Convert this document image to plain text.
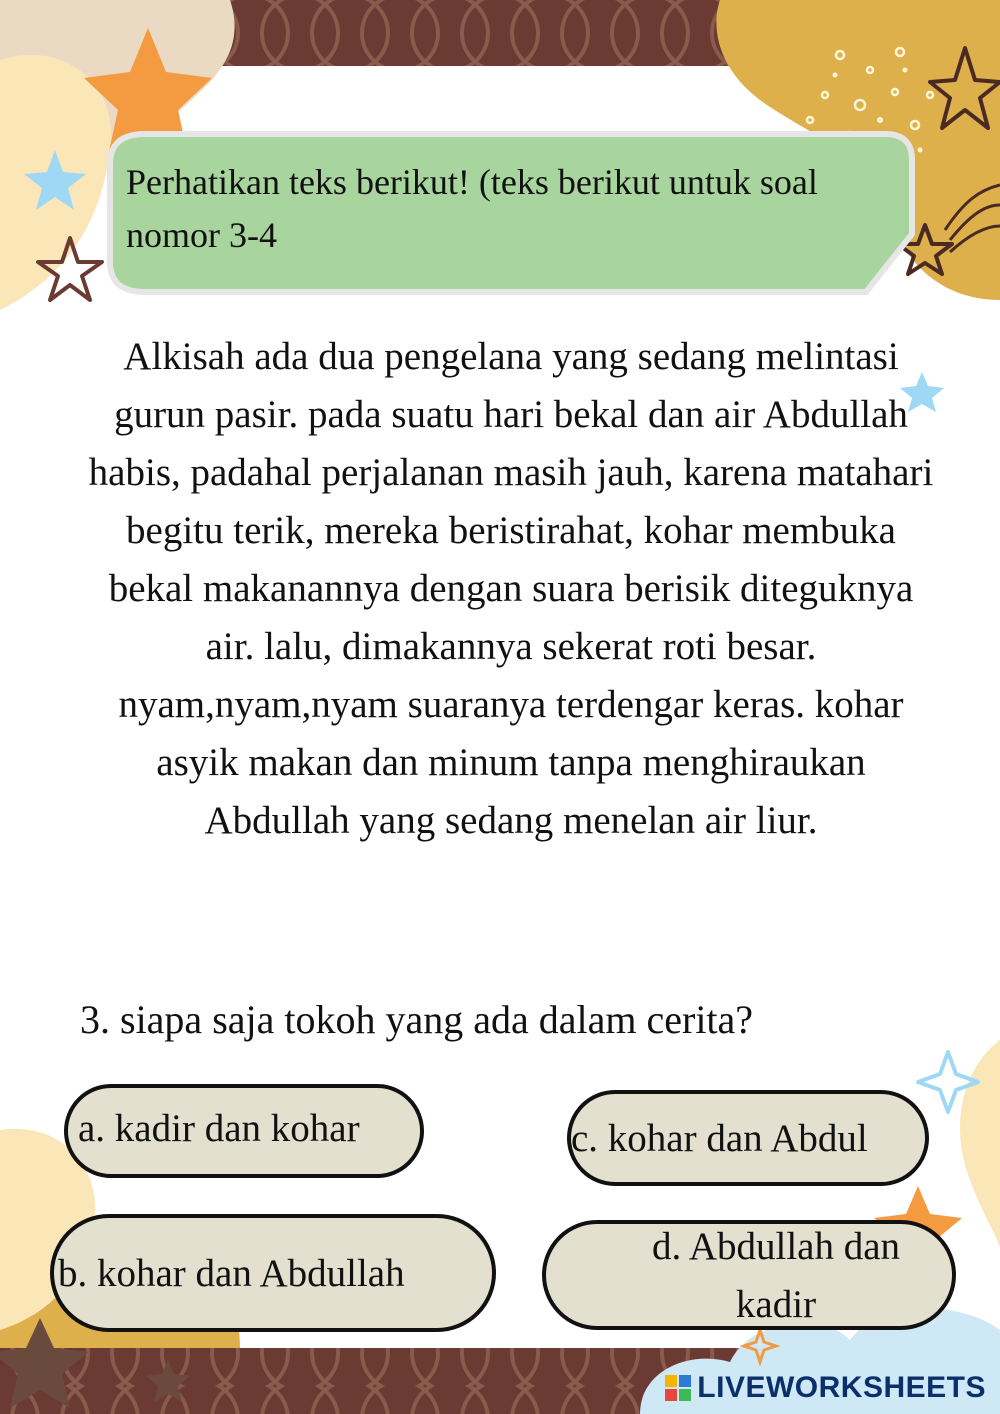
Perhatikan teks berikut! (teks berikut untuk soal nomor 3-4

Alkisah ada dua pengelana yang sedang melintasi gurun pasir. pada suatu hari bekal dan air Abdullah habis, padahal perjalanan masih jauh, karena matahari begitu terik, mereka beristirahat, kohar membuka bekal makanannya dengan suara berisik diteguknya air. lalu, dimakannya sekerat roti besar. nyam,nyam,nyam suaranya terdengar keras. kohar asyik makan dan minum tanpa menghiraukan Abdullah yang sedang menelan air liur.

3. siapa saja tokoh yang ada dalam cerita?

a. kadir dan kohar	c. kohar dan Abdul
b. kohar dan Abdullah
d. Abdullah dan kadir
LIVEWORKSHEETS
